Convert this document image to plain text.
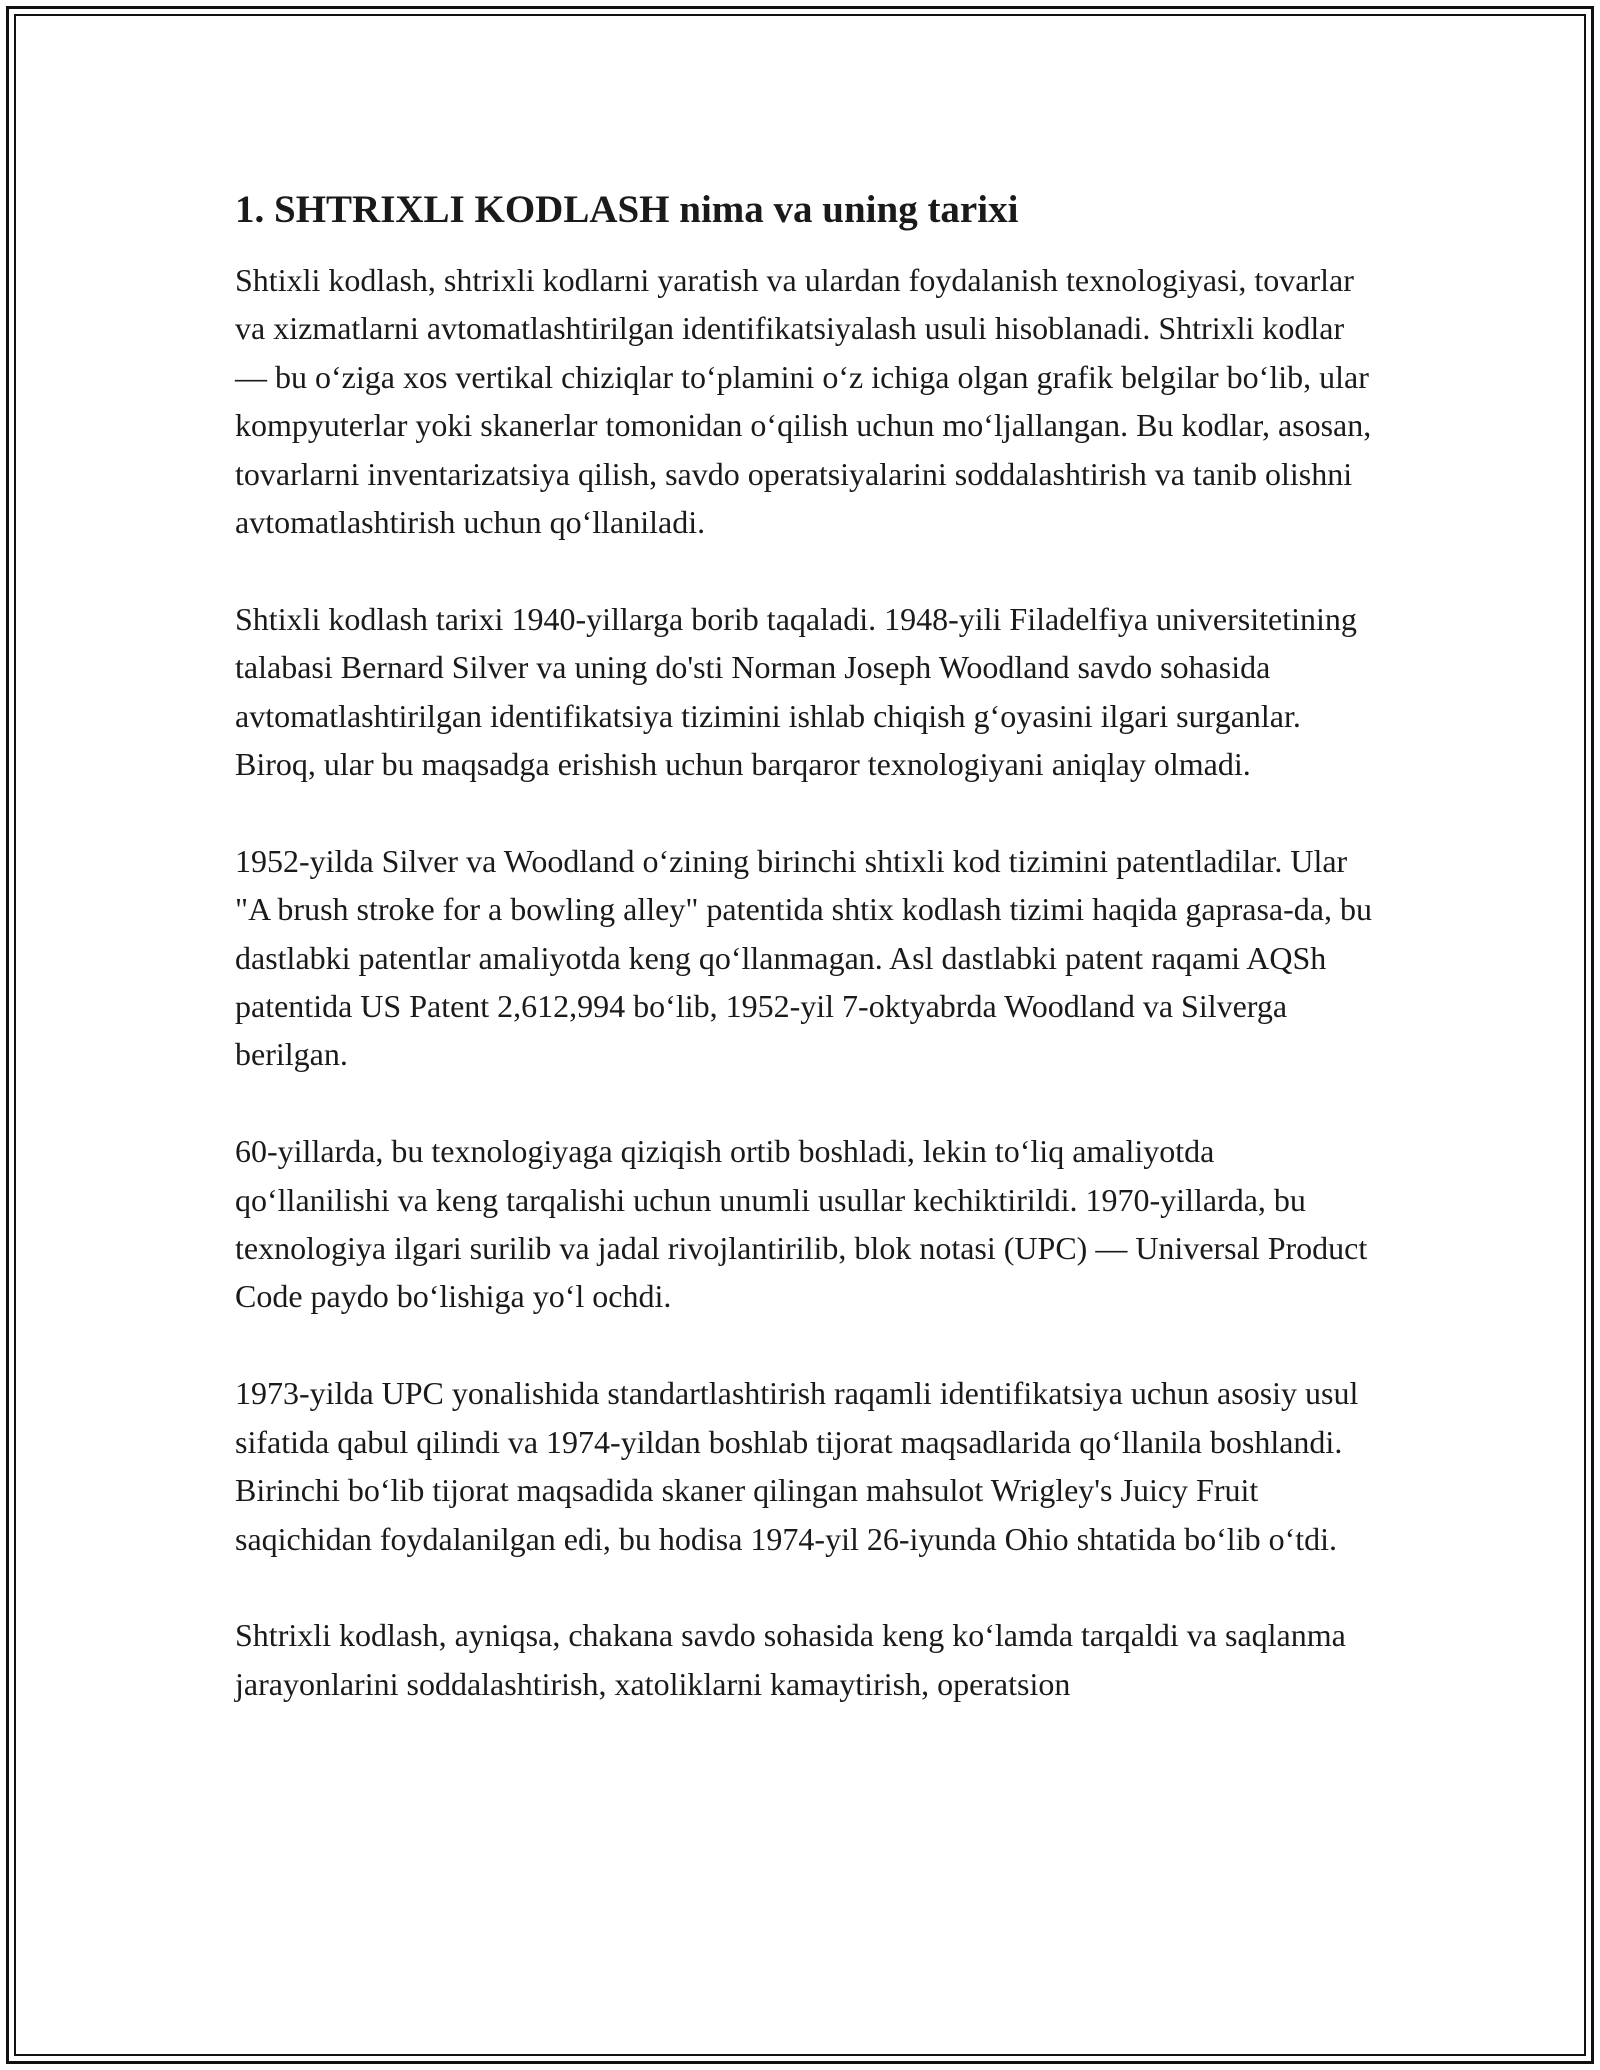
1. SHTRIXLI KODLASH nima va uning tarixi

Shtixli kodlash, shtrixli kodlarni yaratish va ulardan foydalanish texnologiyasi, tovarlar va xizmatlarni avtomatlashtirilgan identifikatsiyalash usuli hisoblanadi. Shtrixli kodlar — bu o‘ziga xos vertikal chiziqlar to‘plamini o‘z ichiga olgan grafik belgilar bo‘lib, ular kompyuterlar yoki skanerlar tomonidan o‘qilish uchun mo‘ljallangan. Bu kodlar, asosan, tovarlarni inventarizatsiya qilish, savdo operatsiyalarini soddalashtirish va tanib olishni avtomatlashtirish uchun qo‘llaniladi.

Shtixli kodlash tarixi 1940-yillarga borib taqaladi. 1948-yili Filadelfiya universitetining talabasi Bernard Silver va uning do'sti Norman Joseph Woodland savdo sohasida avtomatlashtirilgan identifikatsiya tizimini ishlab chiqish g‘oyasini ilgari surganlar. Biroq, ular bu maqsadga erishish uchun barqaror texnologiyani aniqlay olmadi.

1952-yilda Silver va Woodland o‘zining birinchi shtixli kod tizimini patentladilar. Ular "A brush stroke for a bowling alley" patentida shtix kodlash tizimi haqida gaprasa-da, bu dastlabki patentlar amaliyotda keng qo‘llanmagan. Asl dastlabki patent raqami AQSh patentida US Patent 2,612,994 bo‘lib, 1952-yil 7-oktyabrda Woodland va Silverga berilgan.

60-yillarda, bu texnologiyaga qiziqish ortib boshladi, lekin to‘liq amaliyotda qo‘llanilishi va keng tarqalishi uchun unumli usullar kechiktirildi. 1970-yillarda, bu texnologiya ilgari surilib va jadal rivojlantirilib, blok notasi (UPC) — Universal Product Code paydo bo‘lishiga yo‘l ochdi.

1973-yilda UPC yonalishida standartlashtirish raqamli identifikatsiya uchun asosiy usul sifatida qabul qilindi va 1974-yildan boshlab tijorat maqsadlarida qo‘llanila boshlandi. Birinchi bo‘lib tijorat maqsadida skaner qilingan mahsulot Wrigley's Juicy Fruit saqichidan foydalanilgan edi, bu hodisa 1974-yil 26-iyunda Ohio shtatida bo‘lib o‘tdi.

Shtrixli kodlash, ayniqsa, chakana savdo sohasida keng ko‘lamda tarqaldi va saqlanma jarayonlarini soddalashtirish, xatoliklarni kamaytirish, operatsion
